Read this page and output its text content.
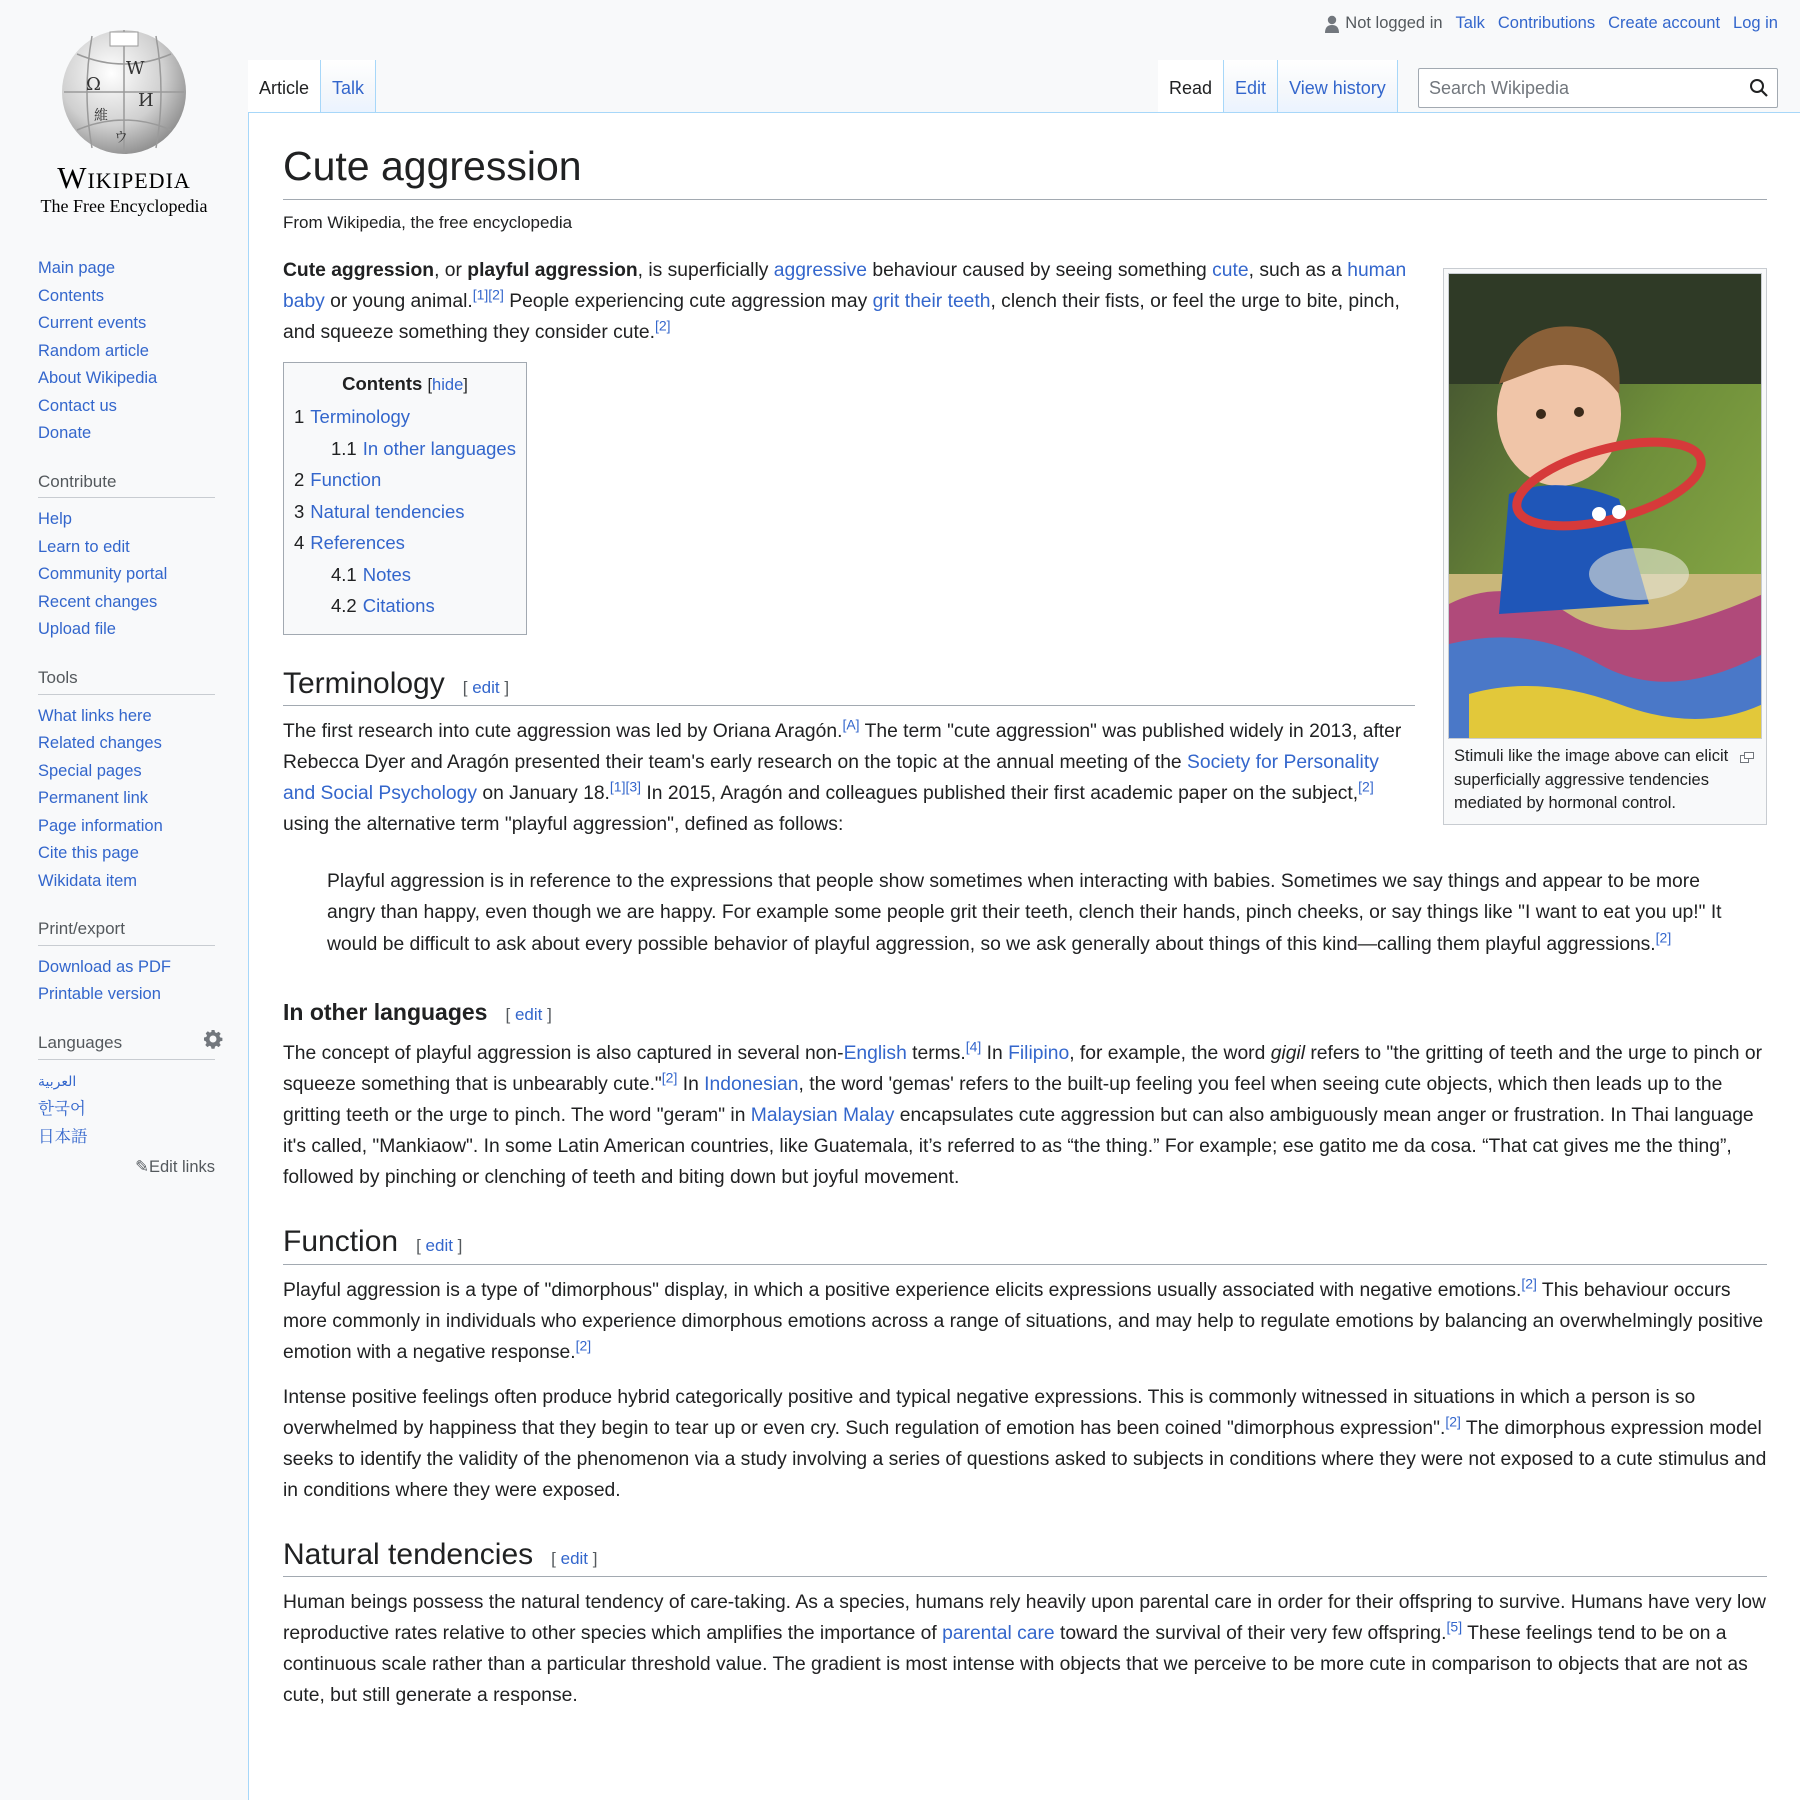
Ω
W
И
維
ウ
Wikipedia
The Free Encyclopedia
Main page
Contents
Current events
Random article
About Wikipedia
Contact us
Donate
Contribute
Help
Learn to edit
Community portal
Recent changes
Upload file
Tools
What links here
Related changes
Special pages
Permanent link
Page information
Cite this page
Wikidata item
Print/export
Download as PDF
Printable version
Languages
العربية
한국어
日本語
✎Edit links
Not logged in Talk Contributions Create account Log in
Article	Talk	Read	Edit	View history
Search Wikipedia
Cute aggression
From Wikipedia, the free encyclopedia
Stimuli like the image above can elicit superficially aggressive tendencies mediated by hormonal control.

Cute aggression, or playful aggression, is superficially aggressive behaviour caused by seeing something cute, such as a human baby or young animal.[1][2] People experiencing cute aggression may grit their teeth, clench their fists, or feel the urge to bite, pinch, and squeeze something they consider cute.[2]

Contents [hide]
1 Terminology
1.1 In other languages
2 Function
3 Natural tendencies
4 References
4.1 Notes
4.2 Citations
Terminology [ edit ]

The first research into cute aggression was led by Oriana Aragón.[A] The term "cute aggression" was published widely in 2013, after Rebecca Dyer and Aragón presented their team's early research on the topic at the annual meeting of the Society for Personality and Social Psychology on January 18.[1][3] In 2015, Aragón and colleagues published their first academic paper on the subject,[2] using the alternative term "playful aggression", defined as follows:

Playful aggression is in reference to the expressions that people show sometimes when interacting with babies. Sometimes we say things and appear to be more angry than happy, even though we are happy. For example some people grit their teeth, clench their hands, pinch cheeks, or say things like "I want to eat you up!" It would be difficult to ask about every possible behavior of playful aggression, so we ask generally about things of this kind—calling them playful aggressions.[2]
In other languages [ edit ]

The concept of playful aggression is also captured in several non-English terms.[4] In Filipino, for example, the word gigil refers to "the gritting of teeth and the urge to pinch or squeeze something that is unbearably cute."[2] In Indonesian, the word 'gemas' refers to the built-up feeling you feel when seeing cute objects, which then leads up to the gritting teeth or the urge to pinch. The word "geram" in Malaysian Malay encapsulates cute aggression but can also ambiguously mean anger or frustration. In Thai language it's called, "Mankiaow". In some Latin American countries, like Guatemala, it’s referred to as “the thing.” For example; ese gatito me da cosa. “That cat gives me the thing”, followed by pinching or clenching of teeth and biting down but joyful movement.

Function [ edit ]

Playful aggression is a type of "dimorphous" display, in which a positive experience elicits expressions usually associated with negative emotions.[2] This behaviour occurs more commonly in individuals who experience dimorphous emotions across a range of situations, and may help to regulate emotions by balancing an overwhelmingly positive emotion with a negative response.[2]

Intense positive feelings often produce hybrid categorically positive and typical negative expressions. This is commonly witnessed in situations in which a person is so overwhelmed by happiness that they begin to tear up or even cry. Such regulation of emotion has been coined "dimorphous expression".[2] The dimorphous expression model seeks to identify the validity of the phenomenon via a study involving a series of questions asked to subjects in conditions where they were not exposed to a cute stimulus and in conditions where they were exposed.

Natural tendencies [ edit ]

Human beings possess the natural tendency of care-taking. As a species, humans rely heavily upon parental care in order for their offspring to survive. Humans have very low reproductive rates relative to other species which amplifies the importance of parental care toward the survival of their very few offspring.[5] These feelings tend to be on a continuous scale rather than a particular threshold value. The gradient is most intense with objects that we perceive to be more cute in comparison to objects that are not as cute, but still generate a response.
